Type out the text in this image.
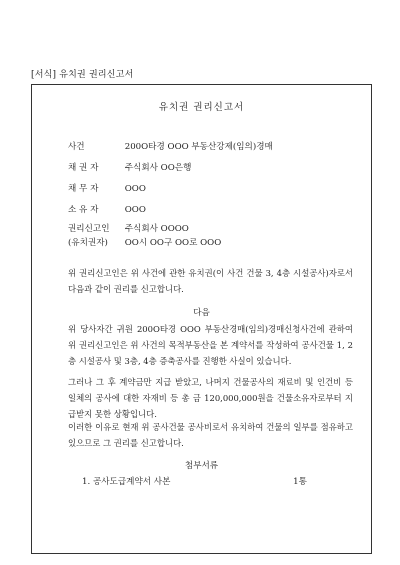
[서식] 유치권 권리신고서
유치권 권리신고서
사건	200O타경 OOO 부동산강제(임의)경매
채 권 자	주식회사 OO은행
채 무 자	OOO
소 유 자	OOO
권리신고인 주식회사 OOOO
(유치권자) OO시 OO구 OO로 OOO
위 권리신고인은 위 사건에 관한 유치권(이 사건 건물 3, 4층 시설공사)자로서 다음과 같이 권리를 신고합니다.
다음
위 당사자간 귀원 200O타경 OOO 부동산경매(임의)경매신청사건에 관하여 위 권리신고인은 위 사건의 목적부동산을 본 계약서를 작성하여 공사건물 1, 2층 시설공사 및 3층, 4층 증축공사를 진행한 사실이 있습니다.
그러나 그 후 계약금만 지급 받았고, 나머지 건물공사의 재료비 및 인건비 등 일체의 공사에 대한 자재비 등 총 금 120,000,000원을 건물소유자로부터 지급받지 못한 상황입니다.
이러한 이유로 현재 위 공사건물 공사비로서 유치하여 건물의 일부를 점유하고 있으므로 그 권리를 신고합니다.
첨부서류
1. 공사도급계약서 사본	1통
